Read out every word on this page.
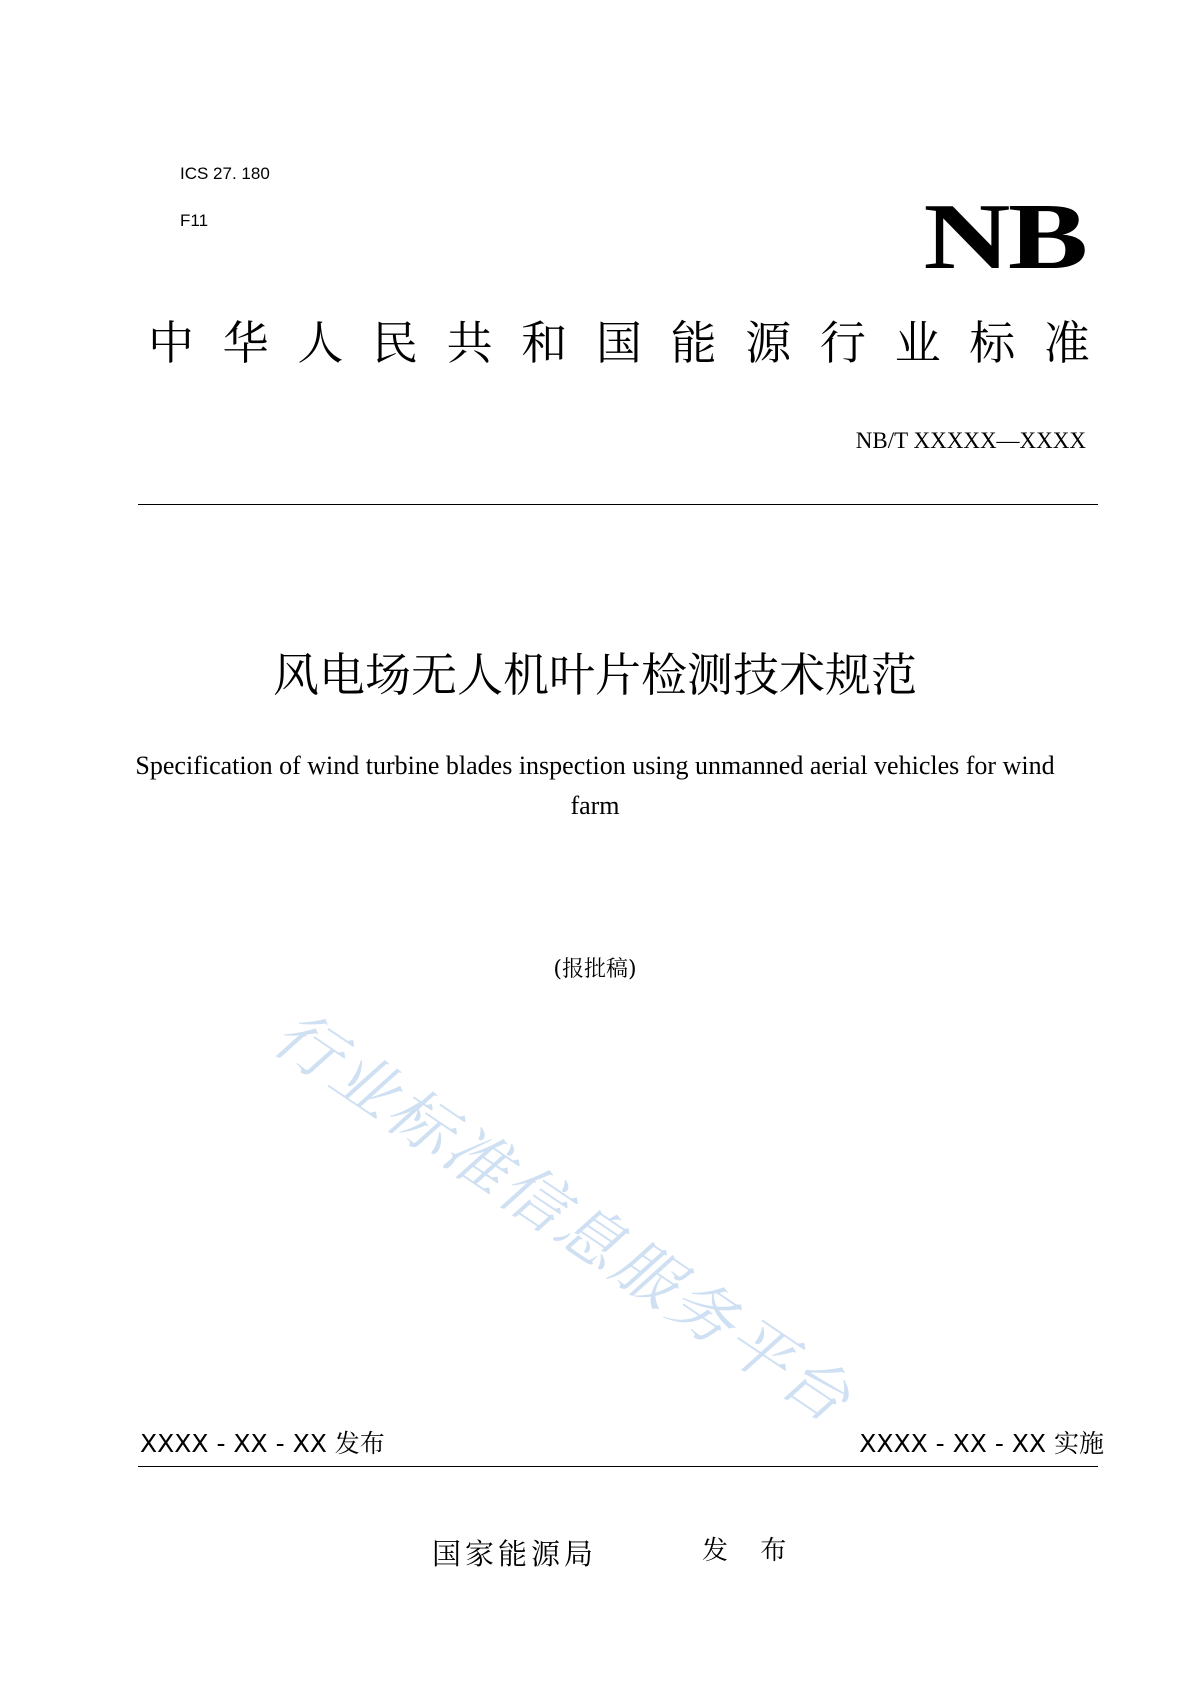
ICS 27. 180
F11	NB
中 华 人 民 共 和 国 能 源 行 业 标 准
NB/T XXXXX—XXXX
风电场无人机叶片检测技术规范
Specification of wind turbine blades inspection using unmanned aerial vehicles for wind farm
(报批稿)
行业标准信息服务平台
XXXX - XX - XX 发布	XXXX - XX - XX 实施
国家能源局	发 布
